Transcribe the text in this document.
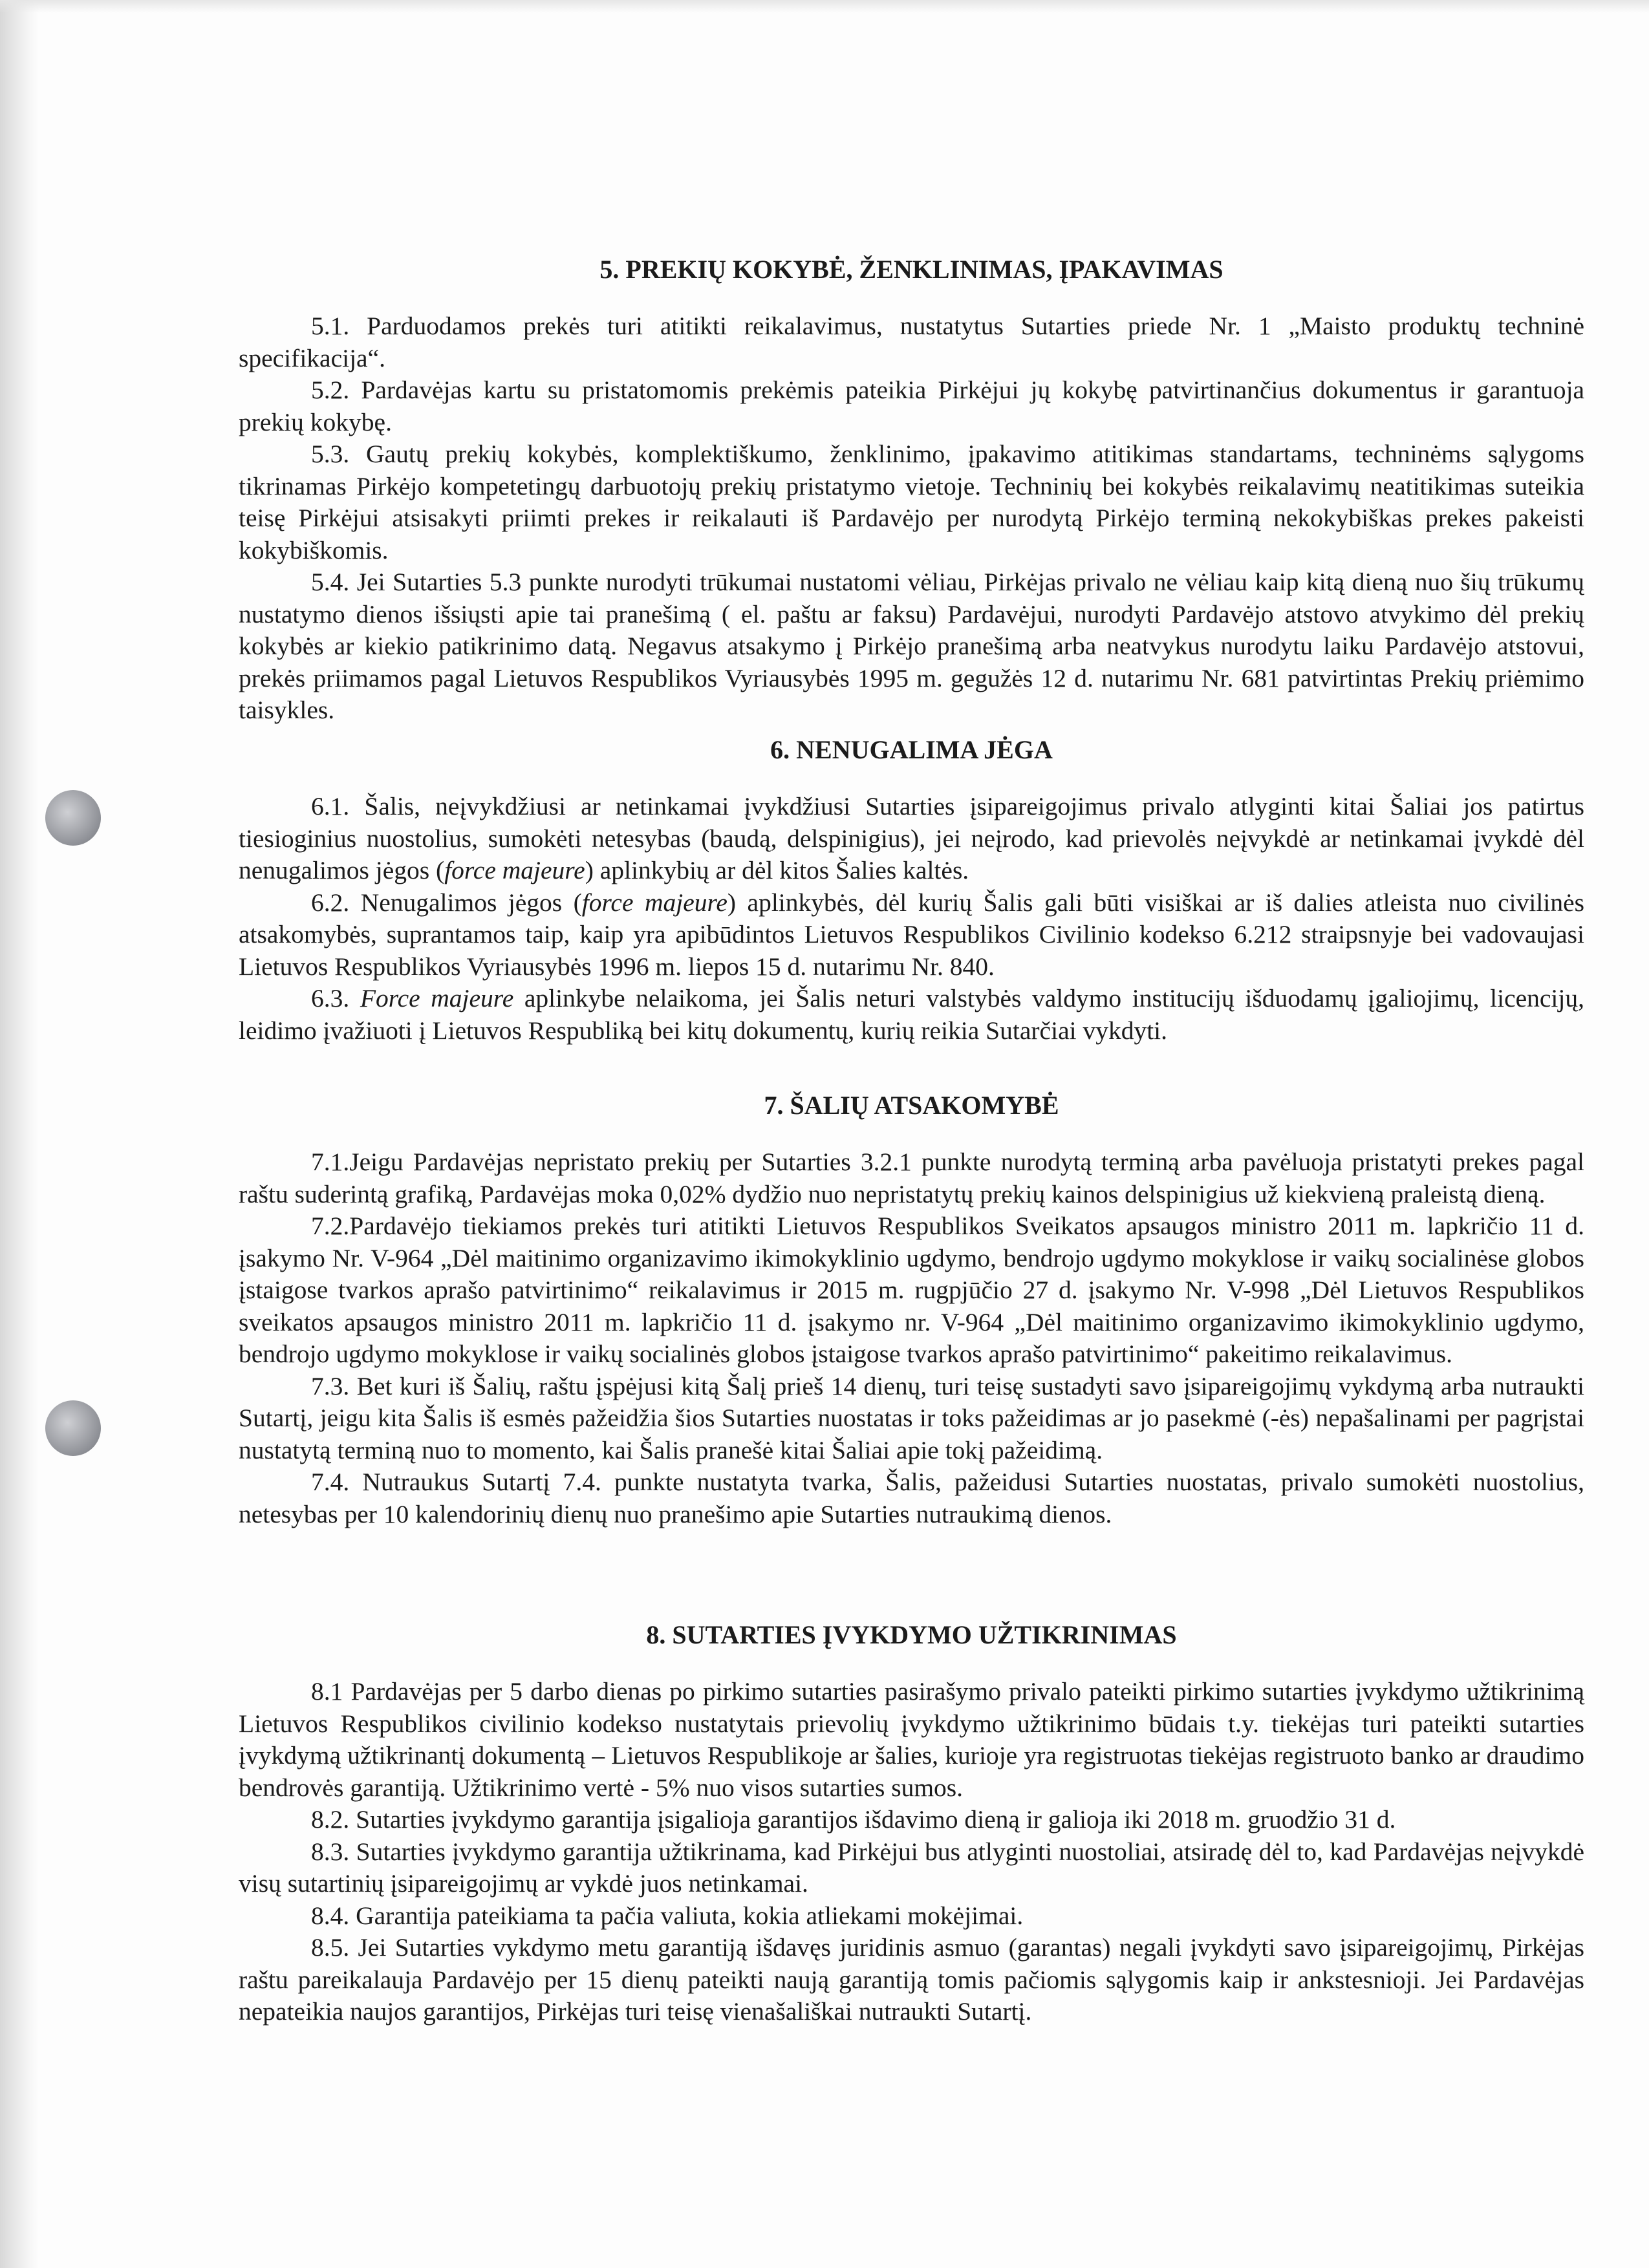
5. PREKIŲ KOKYBĖ, ŽENKLINIMAS, ĮPAKAVIMAS

5.1. Parduodamos prekės turi atitikti reikalavimus, nustatytus Sutarties priede Nr. 1 „Maisto produktų techninė specifikacija“.

5.2. Pardavėjas kartu su pristatomomis prekėmis pateikia Pirkėjui jų kokybę patvirtinančius dokumentus ir garantuoja prekių kokybę.

5.3. Gautų prekių kokybės, komplektiškumo, ženklinimo, įpakavimo atitikimas standartams, techninėms sąlygoms tikrinamas Pirkėjo kompetetingų darbuotojų prekių pristatymo vietoje. Techninių bei kokybės reikalavimų neatitikimas suteikia teisę Pirkėjui atsisakyti priimti prekes ir reikalauti iš Pardavėjo per nurodytą Pirkėjo terminą nekokybiškas prekes pakeisti kokybiškomis.

5.4. Jei Sutarties 5.3 punkte nurodyti trūkumai nustatomi vėliau, Pirkėjas privalo ne vėliau kaip kitą dieną nuo šių trūkumų nustatymo dienos išsiųsti apie tai pranešimą ( el. paštu ar faksu) Pardavėjui, nurodyti Pardavėjo atstovo atvykimo dėl prekių kokybės ar kiekio patikrinimo datą. Negavus atsakymo į Pirkėjo pranešimą arba neatvykus nurodytu laiku Pardavėjo atstovui, prekės priimamos pagal Lietuvos Respublikos Vyriausybės 1995 m. gegužės 12 d. nutarimu Nr. 681 patvirtintas Prekių priėmimo taisykles.

6. NENUGALIMA JĖGA

6.1. Šalis, neįvykdžiusi ar netinkamai įvykdžiusi Sutarties įsipareigojimus privalo atlyginti kitai Šaliai jos patirtus tiesioginius nuostolius, sumokėti netesybas (baudą, delspinigius), jei neįrodo, kad prievolės neįvykdė ar netinkamai įvykdė dėl nenugalimos jėgos (force majeure) aplinkybių ar dėl kitos Šalies kaltės.

6.2. Nenugalimos jėgos (force majeure) aplinkybės, dėl kurių Šalis gali būti visiškai ar iš dalies atleista nuo civilinės atsakomybės, suprantamos taip, kaip yra apibūdintos Lietuvos Respublikos Civilinio kodekso 6.212 straipsnyje bei vadovaujasi Lietuvos Respublikos Vyriausybės 1996 m. liepos 15 d. nutarimu Nr. 840.

6.3. Force majeure aplinkybe nelaikoma, jei Šalis neturi valstybės valdymo institucijų išduodamų įgaliojimų, licencijų, leidimo įvažiuoti į Lietuvos Respubliką bei kitų dokumentų, kurių reikia Sutarčiai vykdyti.

7. ŠALIŲ ATSAKOMYBĖ

7.1.Jeigu Pardavėjas nepristato prekių per Sutarties 3.2.1 punkte nurodytą terminą arba pavėluoja pristatyti prekes pagal raštu suderintą grafiką, Pardavėjas moka 0,02% dydžio nuo nepristatytų prekių kainos delspinigius už kiekvieną praleistą dieną.

7.2.Pardavėjo tiekiamos prekės turi atitikti Lietuvos Respublikos Sveikatos apsaugos ministro 2011 m. lapkričio 11 d. įsakymo Nr. V-964 „Dėl maitinimo organizavimo ikimokyklinio ugdymo, bendrojo ugdymo mokyklose ir vaikų socialinėse globos įstaigose tvarkos aprašo patvirtinimo“ reikalavimus ir 2015 m. rugpjūčio 27 d. įsakymo Nr. V-998 „Dėl Lietuvos Respublikos sveikatos apsaugos ministro 2011 m. lapkričio 11 d. įsakymo nr. V-964 „Dėl maitinimo organizavimo ikimokyklinio ugdymo, bendrojo ugdymo mokyklose ir vaikų socialinės globos įstaigose tvarkos aprašo patvirtinimo“ pakeitimo reikalavimus.

7.3. Bet kuri iš Šalių, raštu įspėjusi kitą Šalį prieš 14 dienų, turi teisę sustadyti savo įsipareigojimų vykdymą arba nutraukti Sutartį, jeigu kita Šalis iš esmės pažeidžia šios Sutarties nuostatas ir toks pažeidimas ar jo pasekmė (-ės) nepašalinami per pagrįstai nustatytą terminą nuo to momento, kai Šalis pranešė kitai Šaliai apie tokį pažeidimą.

7.4. Nutraukus Sutartį 7.4. punkte nustatyta tvarka, Šalis, pažeidusi Sutarties nuostatas, privalo sumokėti nuostolius, netesybas per 10 kalendorinių dienų nuo pranešimo apie Sutarties nutraukimą dienos.

8. SUTARTIES ĮVYKDYMO UŽTIKRINIMAS

8.1 Pardavėjas per 5 darbo dienas po pirkimo sutarties pasirašymo privalo pateikti pirkimo sutarties įvykdymo užtikrinimą Lietuvos Respublikos civilinio kodekso nustatytais prievolių įvykdymo užtikrinimo būdais t.y. tiekėjas turi pateikti sutarties įvykdymą užtikrinantį dokumentą – Lietuvos Respublikoje ar šalies, kurioje yra registruotas tiekėjas registruoto banko ar draudimo bendrovės garantiją. Užtikrinimo vertė - 5% nuo visos sutarties sumos.

8.2. Sutarties įvykdymo garantija įsigalioja garantijos išdavimo dieną ir galioja iki 2018 m. gruodžio 31 d.

8.3. Sutarties įvykdymo garantija užtikrinama, kad Pirkėjui bus atlyginti nuostoliai, atsiradę dėl to, kad Pardavėjas neįvykdė visų sutartinių įsipareigojimų ar vykdė juos netinkamai.

8.4. Garantija pateikiama ta pačia valiuta, kokia atliekami mokėjimai.

8.5. Jei Sutarties vykdymo metu garantiją išdavęs juridinis asmuo (garantas) negali įvykdyti savo įsipareigojimų, Pirkėjas raštu pareikalauja Pardavėjo per 15 dienų pateikti naują garantiją tomis pačiomis sąlygomis kaip ir ankstesnioji. Jei Pardavėjas nepateikia naujos garantijos, Pirkėjas turi teisę vienašališkai nutraukti Sutartį.
